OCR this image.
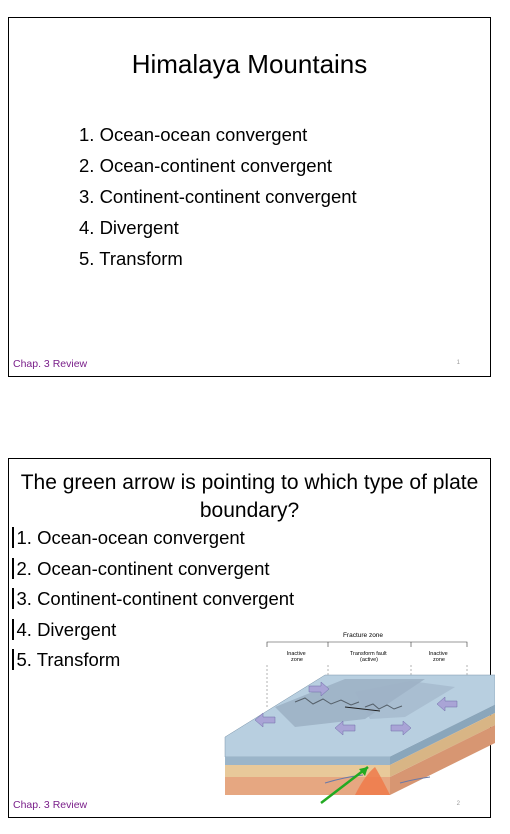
Himalaya Mountains
1. Ocean-ocean convergent
2. Ocean-continent convergent
3. Continent-continent convergent
4. Divergent
5. Transform
Chap. 3 Review	1
The green arrow is pointing to which type of plate boundary?
1. Ocean-ocean convergent
2. Ocean-continent convergent
3. Continent-continent convergent
4. Divergent
5. Transform
Fracture zone
Inactive zone
Transform fault (active)
Inactive zone
Chap. 3 Review	2
